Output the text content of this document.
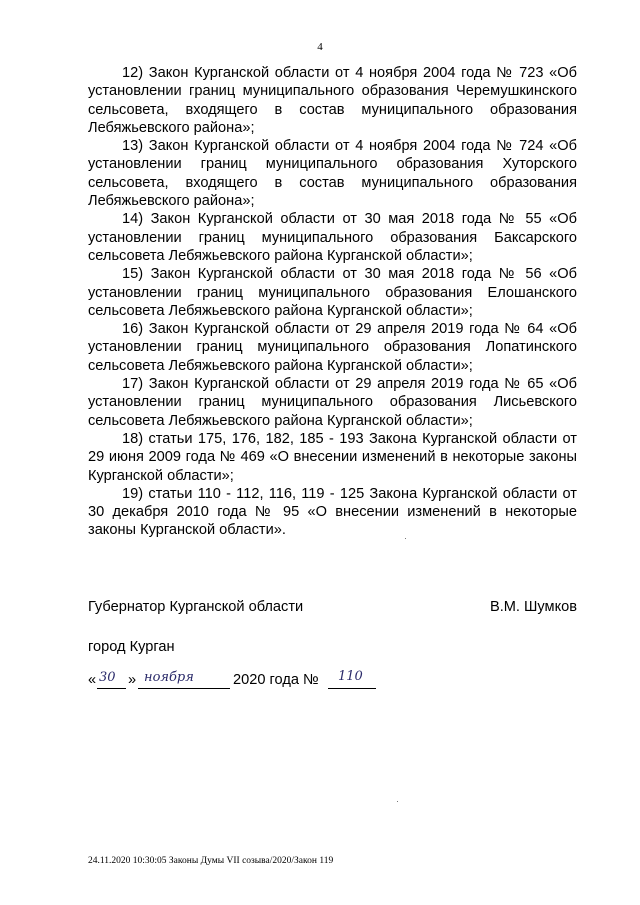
4

12) Закон Курганской области от 4 ноября 2004 года № 723 «Об установлении границ муниципального образования Черемушкинского сельсовета, входящего в состав муниципального образования Лебяжьевского района»;

13) Закон Курганской области от 4 ноября 2004 года № 724 «Об установлении границ муниципального образования Хуторского сельсовета, входящего в состав муниципального образования Лебяжьевского района»;

14) Закон Курганской области от 30 мая 2018 года № 55 «Об установлении границ муниципального образования Баксарского сельсовета Лебяжьевского района Курганской области»;

15) Закон Курганской области от 30 мая 2018 года № 56 «Об установлении границ муниципального образования Елошанского сельсовета Лебяжьевского района Курганской области»;

16) Закон Курганской области от 29 апреля 2019 года № 64 «Об установлении границ муниципального образования Лопатинского сельсовета Лебяжьевского района Курганской области»;

17) Закон Курганской области от 29 апреля 2019 года № 65 «Об установлении границ муниципального образования Лисьевского сельсовета Лебяжьевского района Курганской области»;

18) статьи 175, 176, 182, 185 - 193 Закона Курганской области от 29 июня 2009 года № 469 «О внесении изменений в некоторые законы Курганской области»;

19) статьи 110 - 112, 116, 119 - 125 Закона Курганской области от 30 декабря 2010 года № 95 «О внесении изменений в некоторые законы Курганской области».

Губернатор Курганской области	В.М. Шумков
город Курган
« 30 » ноября	2020 года № 110
24.11.2020 10:30:05 Законы Думы VII созыва/2020/Закон 119
